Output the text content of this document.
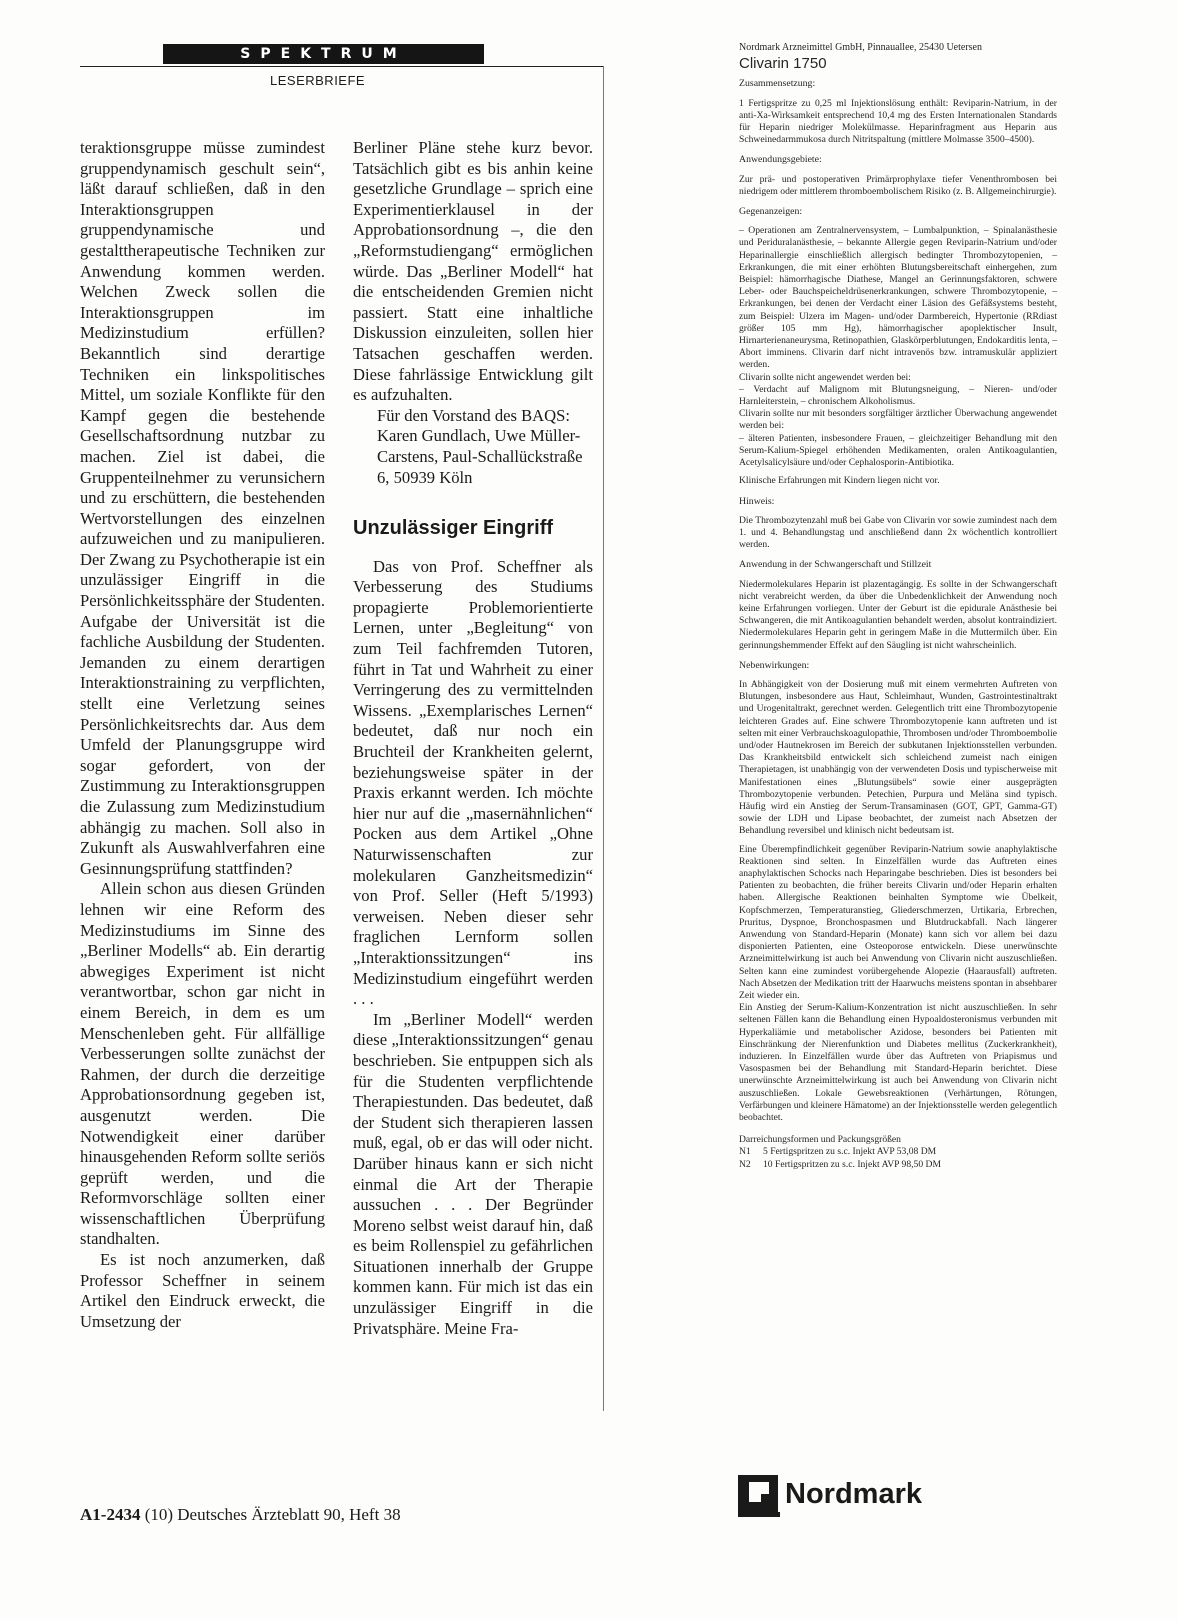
SPEKTRUM
LESERBRIEFE

teraktionsgruppe müsse zumindest gruppendynamisch geschult sein“, läßt darauf schließen, daß in den Interaktionsgruppen gruppendynamische und gestalttherapeutische Techniken zur Anwendung kommen werden. Welchen Zweck sollen die Interaktionsgruppen im Medizinstudium erfüllen? Bekanntlich sind derartige Techniken ein linkspolitisches Mittel, um soziale Konflikte für den Kampf gegen die bestehende Gesellschaftsordnung nutzbar zu machen. Ziel ist dabei, die Gruppenteilnehmer zu verunsichern und zu erschüttern, die bestehenden Wertvorstellungen des einzelnen aufzuweichen und zu manipulieren. Der Zwang zu Psychotherapie ist ein unzulässiger Eingriff in die Persönlichkeitssphäre der Studenten. Aufgabe der Universität ist die fachliche Ausbildung der Studenten. Jemanden zu einem derartigen Interaktionstraining zu verpflichten, stellt eine Verletzung seines Persönlichkeitsrechts dar. Aus dem Umfeld der Planungsgruppe wird sogar gefordert, von der Zustimmung zu Interaktionsgruppen die Zulassung zum Medizinstudium abhängig zu machen. Soll also in Zukunft als Auswahlverfahren eine Gesinnungsprüfung stattfinden?

Allein schon aus diesen Gründen lehnen wir eine Reform des Medizinstudiums im Sinne des „Berliner Modells“ ab. Ein derartig abwegiges Experiment ist nicht verantwortbar, schon gar nicht in einem Bereich, in dem es um Menschenleben geht. Für allfällige Verbesserungen sollte zunächst der Rahmen, der durch die derzeitige Approbationsordnung gegeben ist, ausgenutzt werden. Die Notwendigkeit einer darüber hinausgehenden Reform sollte seriös geprüft werden, und die Reformvorschläge sollten einer wissenschaftlichen Überprüfung standhalten.

Es ist noch anzumerken, daß Professor Scheffner in seinem Artikel den Eindruck erweckt, die Umsetzung der

Berliner Pläne stehe kurz bevor. Tatsächlich gibt es bis anhin keine gesetzliche Grundlage – sprich eine Experimentierklausel in der Approbationsordnung –, die den „Reformstudiengang“ ermöglichen würde. Das „Berliner Modell“ hat die entscheidenden Gremien nicht passiert. Statt eine inhaltliche Diskussion einzuleiten, sollen hier Tatsachen geschaffen werden. Diese fahrlässige Entwicklung gilt es aufzuhalten.

Für den Vorstand des BAQS: Karen Gundlach, Uwe Müller-Carstens, Paul-Schallückstraße 6, 50939 Köln

Unzulässiger Eingriff

Das von Prof. Scheffner als Verbesserung des Studiums propagierte Problemorientierte Lernen, unter „Begleitung“ von zum Teil fachfremden Tutoren, führt in Tat und Wahrheit zu einer Verringerung des zu vermittelnden Wissens. „Exemplarisches Lernen“ bedeutet, daß nur noch ein Bruchteil der Krankheiten gelernt, beziehungsweise später in der Praxis erkannt werden. Ich möchte hier nur auf die „masernähnlichen“ Pocken aus dem Artikel „Ohne Naturwissenschaften zur molekularen Ganzheitsmedizin“ von Prof. Seller (Heft 5/1993) verweisen. Neben dieser sehr fraglichen Lernform sollen „Interaktionssitzungen“ ins Medizinstudium eingeführt werden . . .

Im „Berliner Modell“ werden diese „Interaktionssitzungen“ genau beschrieben. Sie entpuppen sich als für die Studenten verpflichtende Therapiestunden. Das bedeutet, daß der Student sich therapieren lassen muß, egal, ob er das will oder nicht. Darüber hinaus kann er sich nicht einmal die Art der Therapie aussuchen . . . Der Begründer Moreno selbst weist darauf hin, daß es beim Rollenspiel zu gefährlichen Situationen innerhalb der Gruppe kommen kann. Für mich ist das ein unzulässiger Eingriff in die Privatsphäre. Meine Fra-

A1-2434 (10) Deutsches Ärzteblatt 90, Heft 38
Nordmark Arzneimittel GmbH, Pinnauallee, 25430 Uetersen
Clivarin 1750
Zusammensetzung:
1 Fertigspritze zu 0,25 ml Injektionslösung enthält: Reviparin-Natrium, in der anti-Xa-Wirksamkeit entsprechend 10,4 mg des Ersten Internationalen Standards für Heparin niedriger Molekülmasse. Heparinfragment aus Heparin aus Schweinedarmmukosa durch Nitritspaltung (mittlere Molmasse 3500–4500).
Anwendungsgebiete:
Zur prä- und postoperativen Primärprophylaxe tiefer Venenthrombosen bei niedrigem oder mittlerem thromboembolischem Risiko (z. B. Allgemeinchirurgie).
Gegenanzeigen:
– Operationen am Zentralnervensystem, – Lumbalpunktion, – Spinalanästhesie und Periduralanästhesie, – bekannte Allergie gegen Reviparin-Natrium und/oder Heparinallergie einschließlich allergisch bedingter Thrombozytopenien, – Erkrankungen, die mit einer erhöhten Blutungsbereitschaft einhergehen, zum Beispiel: hämorrhagische Diathese, Mangel an Gerinnungsfaktoren, schwere Leber- oder Bauchspeicheldrüsenerkrankungen, schwere Thrombozytopenie, – Erkrankungen, bei denen der Verdacht einer Läsion des Gefäßsystems besteht, zum Beispiel: Ulzera im Magen- und/oder Darmbereich, Hypertonie (RRdiast größer 105 mm Hg), hämorrhagischer apoplektischer Insult, Hirnarterienaneurysma, Retinopathien, Glaskörperblutungen, Endokarditis lenta, – Abort imminens. Clivarin darf nicht intravenös bzw. intramuskulär appliziert werden.
Clivarin sollte nicht angewendet werden bei:
– Verdacht auf Malignom mit Blutungsneigung, – Nieren- und/oder Harnleiterstein, – chronischem Alkoholismus.
Clivarin sollte nur mit besonders sorgfältiger ärztlicher Überwachung angewendet werden bei:
– älteren Patienten, insbesondere Frauen, – gleichzeitiger Behandlung mit den Serum-Kalium-Spiegel erhöhenden Medikamenten, oralen Antikoagulantien, Acetylsalicylsäure und/oder Cephalosporin-Antibiotika.
Klinische Erfahrungen mit Kindern liegen nicht vor.
Hinweis:
Die Thrombozytenzahl muß bei Gabe von Clivarin vor sowie zumindest nach dem 1. und 4. Behandlungstag und anschließend dann 2x wöchentlich kontrolliert werden.
Anwendung in der Schwangerschaft und Stillzeit
Niedermolekulares Heparin ist plazentagängig. Es sollte in der Schwangerschaft nicht verabreicht werden, da über die Unbedenklichkeit der Anwendung noch keine Erfahrungen vorliegen. Unter der Geburt ist die epidurale Anästhesie bei Schwangeren, die mit Antikoagulantien behandelt werden, absolut kontraindiziert. Niedermolekulares Heparin geht in geringem Maße in die Muttermilch über. Ein gerinnungshemmender Effekt auf den Säugling ist nicht wahrscheinlich.
Nebenwirkungen:
In Abhängigkeit von der Dosierung muß mit einem vermehrten Auftreten von Blutungen, insbesondere aus Haut, Schleimhaut, Wunden, Gastrointestinaltrakt und Urogenitaltrakt, gerechnet werden. Gelegentlich tritt eine Thrombozytopenie leichteren Grades auf. Eine schwere Thrombozytopenie kann auftreten und ist selten mit einer Verbrauchskoagulopathie, Thrombosen und/oder Thromboembolie und/oder Hautnekrosen im Bereich der subkutanen Injektionsstellen verbunden. Das Krankheitsbild entwickelt sich schleichend zumeist nach einigen Therapietagen, ist unabhängig von der verwendeten Dosis und typischerweise mit Manifestationen eines „Blutungsübels“ sowie einer ausgeprägten Thrombozytopenie verbunden. Petechien, Purpura und Meläna sind typisch. Häufig wird ein Anstieg der Serum-Transaminasen (GOT, GPT, Gamma-GT) sowie der LDH und Lipase beobachtet, der zumeist nach Absetzen der Behandlung reversibel und klinisch nicht bedeutsam ist.
Eine Überempfindlichkeit gegenüber Reviparin-Natrium sowie anaphylaktische Reaktionen sind selten. In Einzelfällen wurde das Auftreten eines anaphylaktischen Schocks nach Heparingabe beschrieben. Dies ist besonders bei Patienten zu beobachten, die früher bereits Clivarin und/oder Heparin erhalten haben. Allergische Reaktionen beinhalten Symptome wie Übelkeit, Kopfschmerzen, Temperaturanstieg, Gliederschmerzen, Urtikaria, Erbrechen, Pruritus, Dyspnoe, Bronchospasmen und Blutdruckabfall. Nach längerer Anwendung von Standard-Heparin (Monate) kann sich vor allem bei dazu disponierten Patienten, eine Osteoporose entwickeln. Diese unerwünschte Arzneimittelwirkung ist auch bei Anwendung von Clivarin nicht auszuschließen. Selten kann eine zumindest vorübergehende Alopezie (Haarausfall) auftreten. Nach Absetzen der Medikation tritt der Haarwuchs meistens spontan in absehbarer Zeit wieder ein.
Ein Anstieg der Serum-Kalium-Konzentration ist nicht auszuschließen. In sehr seltenen Fällen kann die Behandlung einen Hypoaldosteronismus verbunden mit Hyperkaliämie und metabolischer Azidose, besonders bei Patienten mit Einschränkung der Nierenfunktion und Diabetes mellitus (Zuckerkrankheit), induzieren. In Einzelfällen wurde über das Auftreten von Priapismus und Vasospasmen bei der Behandlung mit Standard-Heparin berichtet. Diese unerwünschte Arzneimittelwirkung ist auch bei Anwendung von Clivarin nicht auszuschließen. Lokale Gewebsreaktionen (Verhärtungen, Rötungen, Verfärbungen und kleinere Hämatome) an der Injektionsstelle werden gelegentlich beobachtet.
Darreichungsformen und Packungsgrößen
N1	5 Fertigspritzen zu s.c. Injekt AVP 53,08 DM
N2	10 Fertigspritzen zu s.c. Injekt AVP 98,50 DM
Nordmark
